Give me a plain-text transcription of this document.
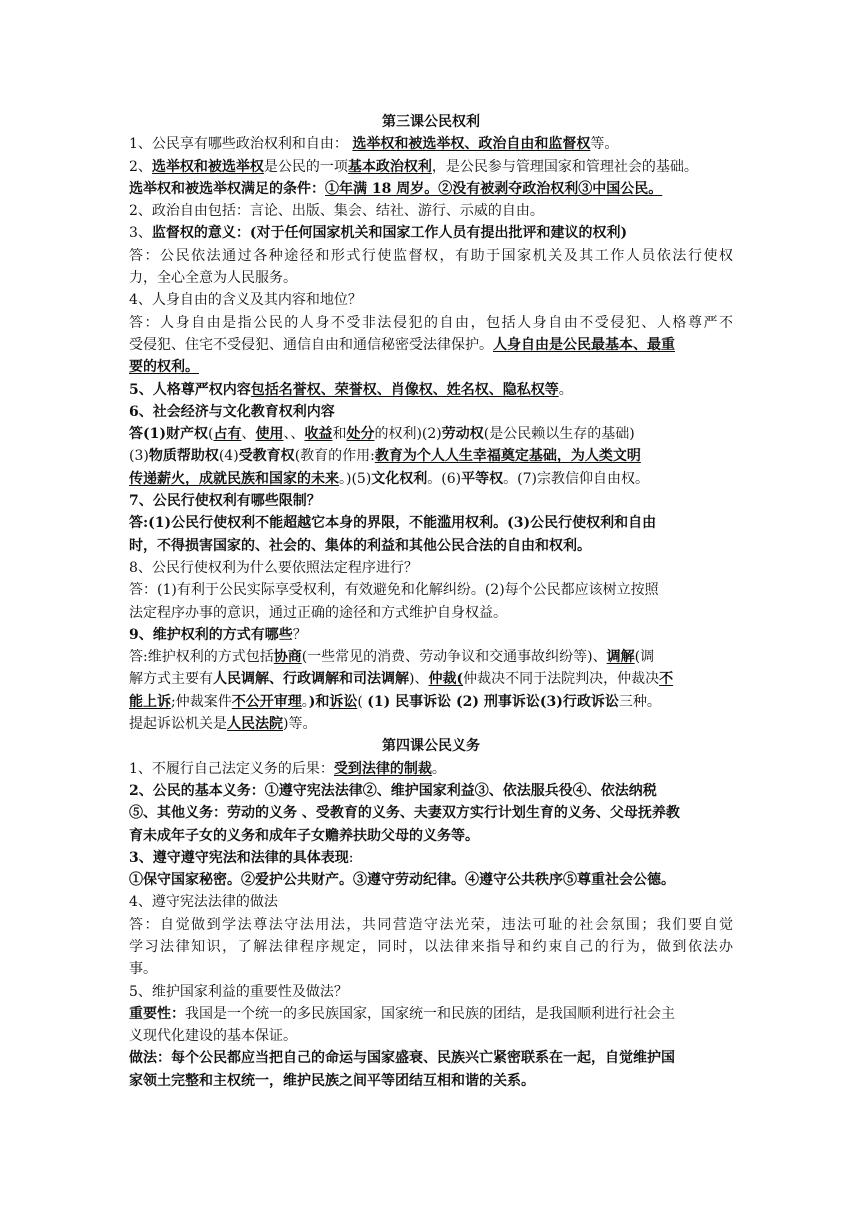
第三课公民权利
1、公民享有哪些政治权利和自由： 选举权和被选举权、政治自由和监督权等。
2、选举权和被选举权是公民的一项基本政治权利，是公民参与管理国家和管理社会的基础。
选举权和被选举权满足的条件：①年满 18 周岁。②没有被剥夺政治权利③中国公民。
2、政治自由包括：言论、出版、集会、结社、游行、示威的自由。
3、监督权的意义：(对于任何国家机关和国家工作人员有提出批评和建议的权利)
答：公民依法通过各种途径和形式行使监督权，有助于国家机关及其工作人员依法行使权
力，全心全意为人民服务。
4、人身自由的含义及其内容和地位？
答：人身自由是指公民的人身不受非法侵犯的自由，包括人身自由不受侵犯、人格尊严不
受侵犯、住宅不受侵犯、通信自由和通信秘密受法律保护。人身自由是公民最基本、最重
要的权利。
5、人格尊严权内容包括名誉权、荣誉权、肖像权、姓名权、隐私权等。
6、社会经济与文化教育权利内容
答(1)财产权(占有、使用、、收益和处分的权利)(2)劳动权(是公民赖以生存的基础)
(3)物质帮助权(4)受教育权(教育的作用:教育为个人人生幸福奠定基础，为人类文明
传递薪火，成就民族和国家的未来。)(5)文化权利。(6)平等权。(7)宗教信仰自由权。
7、公民行使权利有哪些限制？
答:(1)公民行使权利不能超越它本身的界限，不能滥用权利。(3)公民行使权利和自由
时，不得损害国家的、社会的、集体的利益和其他公民合法的自由和权利。
8、公民行使权利为什么要依照法定程序进行？
答：(1)有利于公民实际享受权利，有效避免和化解纠纷。(2)每个公民都应该树立按照
法定程序办事的意识，通过正确的途径和方式维护自身权益。
9、维护权利的方式有哪些？
答:维护权利的方式包括协商(一些常见的消费、劳动争议和交通事故纠纷等)、调解(调
解方式主要有人民调解、行政调解和司法调解)、仲裁(仲裁决不同于法院判决，仲裁决不
能上诉;仲裁案件不公开审理。)和诉讼( (1) 民事诉讼 (2) 刑事诉讼(3)行政诉讼三种。
提起诉讼机关是人民法院)等。
第四课公民义务
1、不履行自己法定义务的后果：受到法律的制裁。
2、公民的基本义务：①遵守宪法法律②、维护国家利益③、依法服兵役④、依法纳税
⑤、其他义务：劳动的义务 、受教育的义务、夫妻双方实行计划生育的义务、父母抚养教
育未成年子女的义务和成年子女赡养扶助父母的义务等。
3、遵守遵守宪法和法律的具体表现:
①保守国家秘密。②爱护公共财产。③遵守劳动纪律。④遵守公共秩序⑤尊重社会公德。
4、遵守宪法法律的做法
答：自觉做到学法尊法守法用法，共同营造守法光荣，违法可耻的社会氛围；我们要自觉
学习法律知识，了解法律程序规定，同时，以法律来指导和约束自己的行为，做到依法办
事。
5、维护国家利益的重要性及做法？
重要性：我国是一个统一的多民族国家，国家统一和民族的团结，是我国顺利进行社会主
义现代化建设的基本保证。
做法：每个公民都应当把自己的命运与国家盛衰、民族兴亡紧密联系在一起，自觉维护国
家领土完整和主权统一，维护民族之间平等团结互相和谐的关系。
